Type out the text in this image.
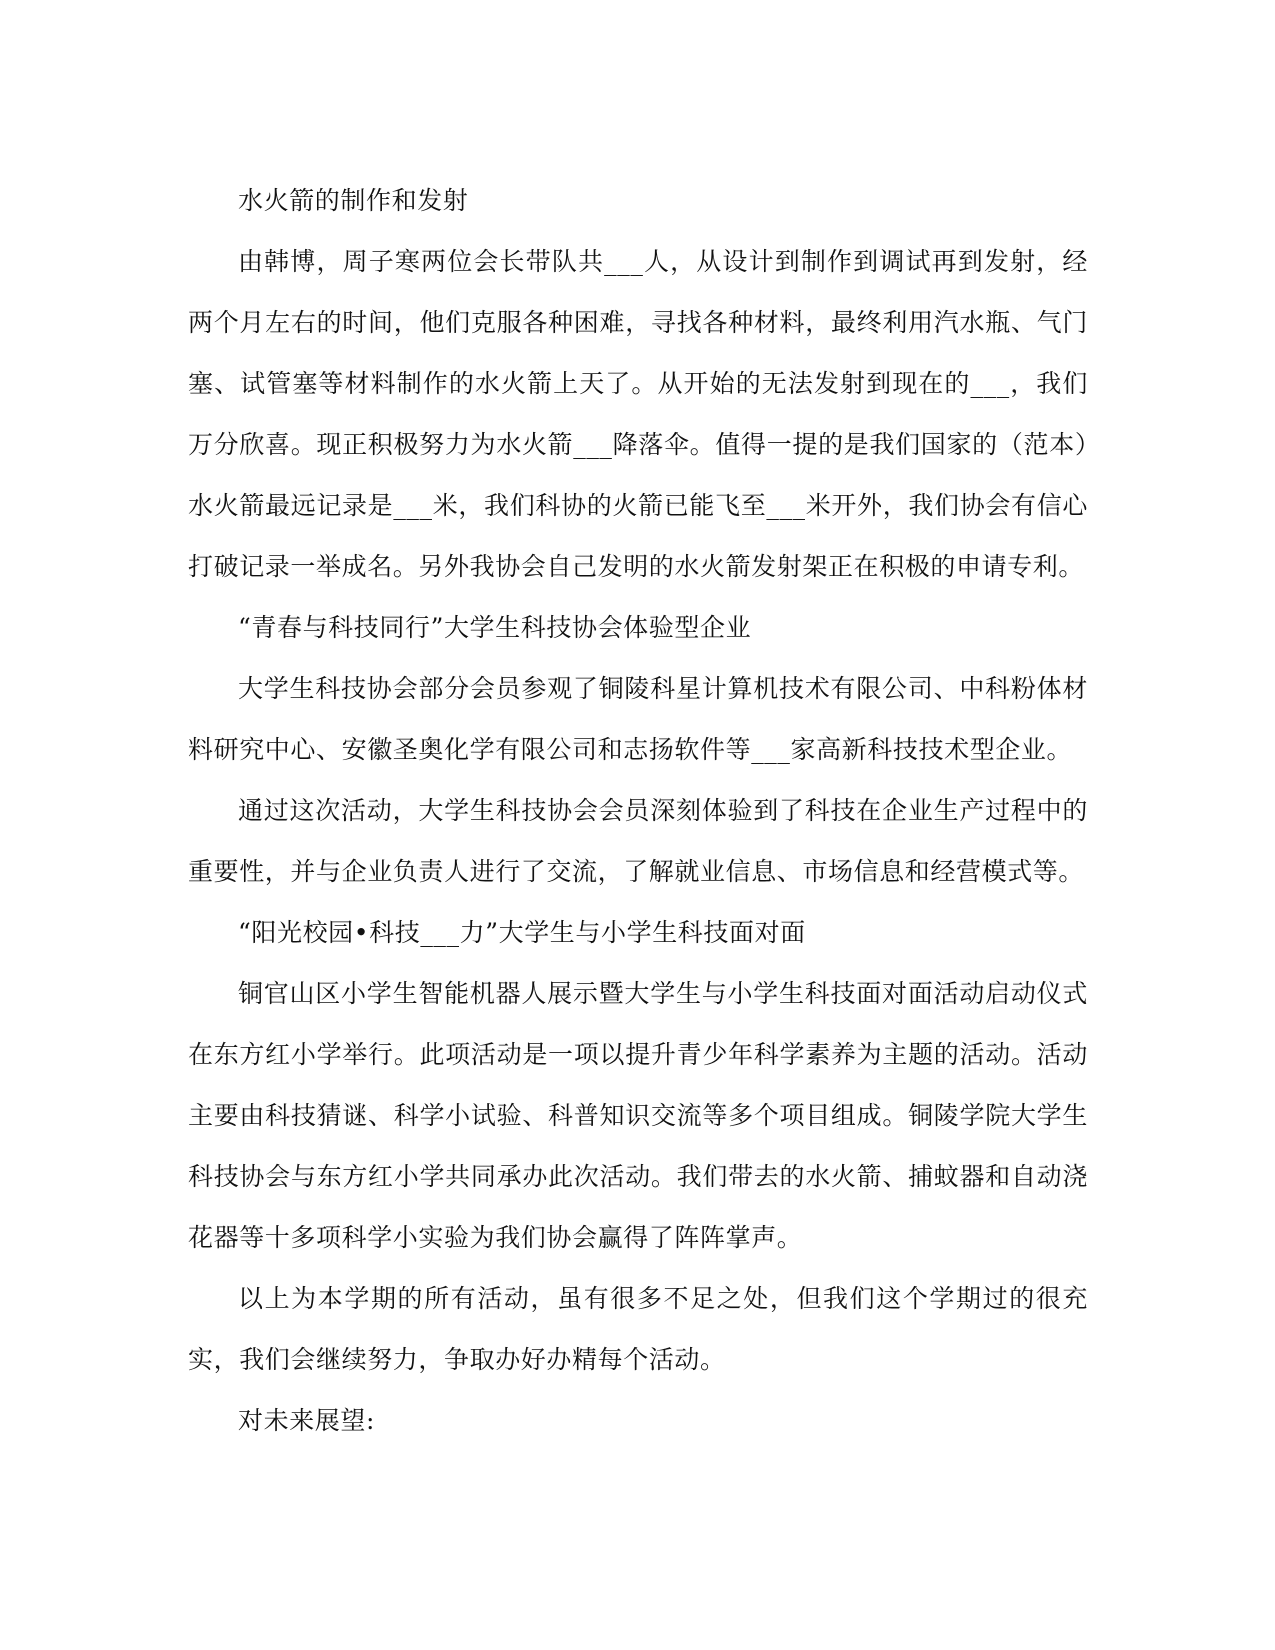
水火箭的制作和发射

由韩博，周子寒两位会长带队共___人，从设计到制作到调试再到发射，经两个月左右的时间，他们克服各种困难，寻找各种材料，最终利用汽水瓶、气门塞、试管塞等材料制作的水火箭上天了。从开始的无法发射到现在的___，我们万分欣喜。现正积极努力为水火箭___降落伞。值得一提的是我们国家的（范本）水火箭最远记录是___米，我们科协的火箭已能飞至___米开外，我们协会有信心打破记录一举成名。另外我协会自己发明的水火箭发射架正在积极的申请专利。

“青春与科技同行”大学生科技协会体验型企业

大学生科技协会部分会员参观了铜陵科星计算机技术有限公司、中科粉体材料研究中心、安徽圣奥化学有限公司和志扬软件等___家高新科技技术型企业。

通过这次活动，大学生科技协会会员深刻体验到了科技在企业生产过程中的重要性，并与企业负责人进行了交流，了解就业信息、市场信息和经营模式等。

“阳光校园•科技___力”大学生与小学生科技面对面

铜官山区小学生智能机器人展示暨大学生与小学生科技面对面活动启动仪式在东方红小学举行。此项活动是一项以提升青少年科学素养为主题的活动。活动主要由科技猜谜、科学小试验、科普知识交流等多个项目组成。铜陵学院大学生科技协会与东方红小学共同承办此次活动。我们带去的水火箭、捕蚊器和自动浇花器等十多项科学小实验为我们协会赢得了阵阵掌声。

以上为本学期的所有活动，虽有很多不足之处，但我们这个学期过的很充实，我们会继续努力，争取办好办精每个活动。

对未来展望:
